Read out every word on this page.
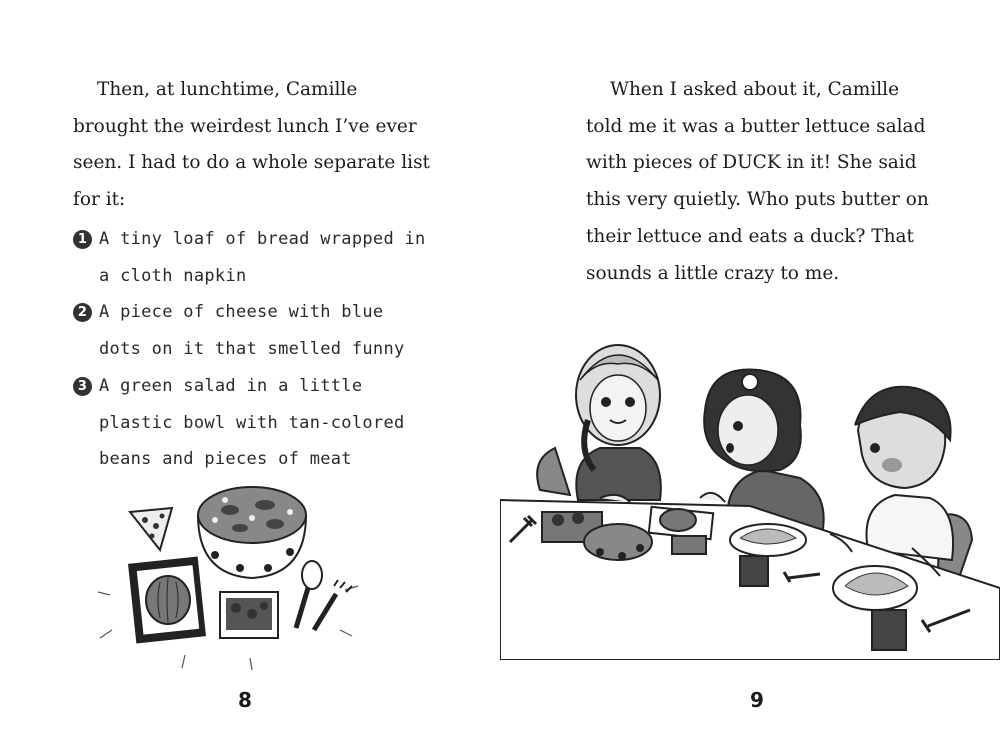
Then, at lunchtime, Camille brought the weirdest lunch I’ve ever seen. I had to do a whole separate list for it:

1 A tiny loaf of bread wrapped in a cloth napkin
2 A piece of cheese with blue dots on it that smelled funny
3 A green salad in a little plastic bowl with tan-colored beans and pieces of meat
8

When I asked about it, Camille told me it was a butter lettuce salad with pieces of DUCK in it! She said this very quietly. Who puts butter on their lettuce and eats a duck? That sounds a little crazy to me.

9
